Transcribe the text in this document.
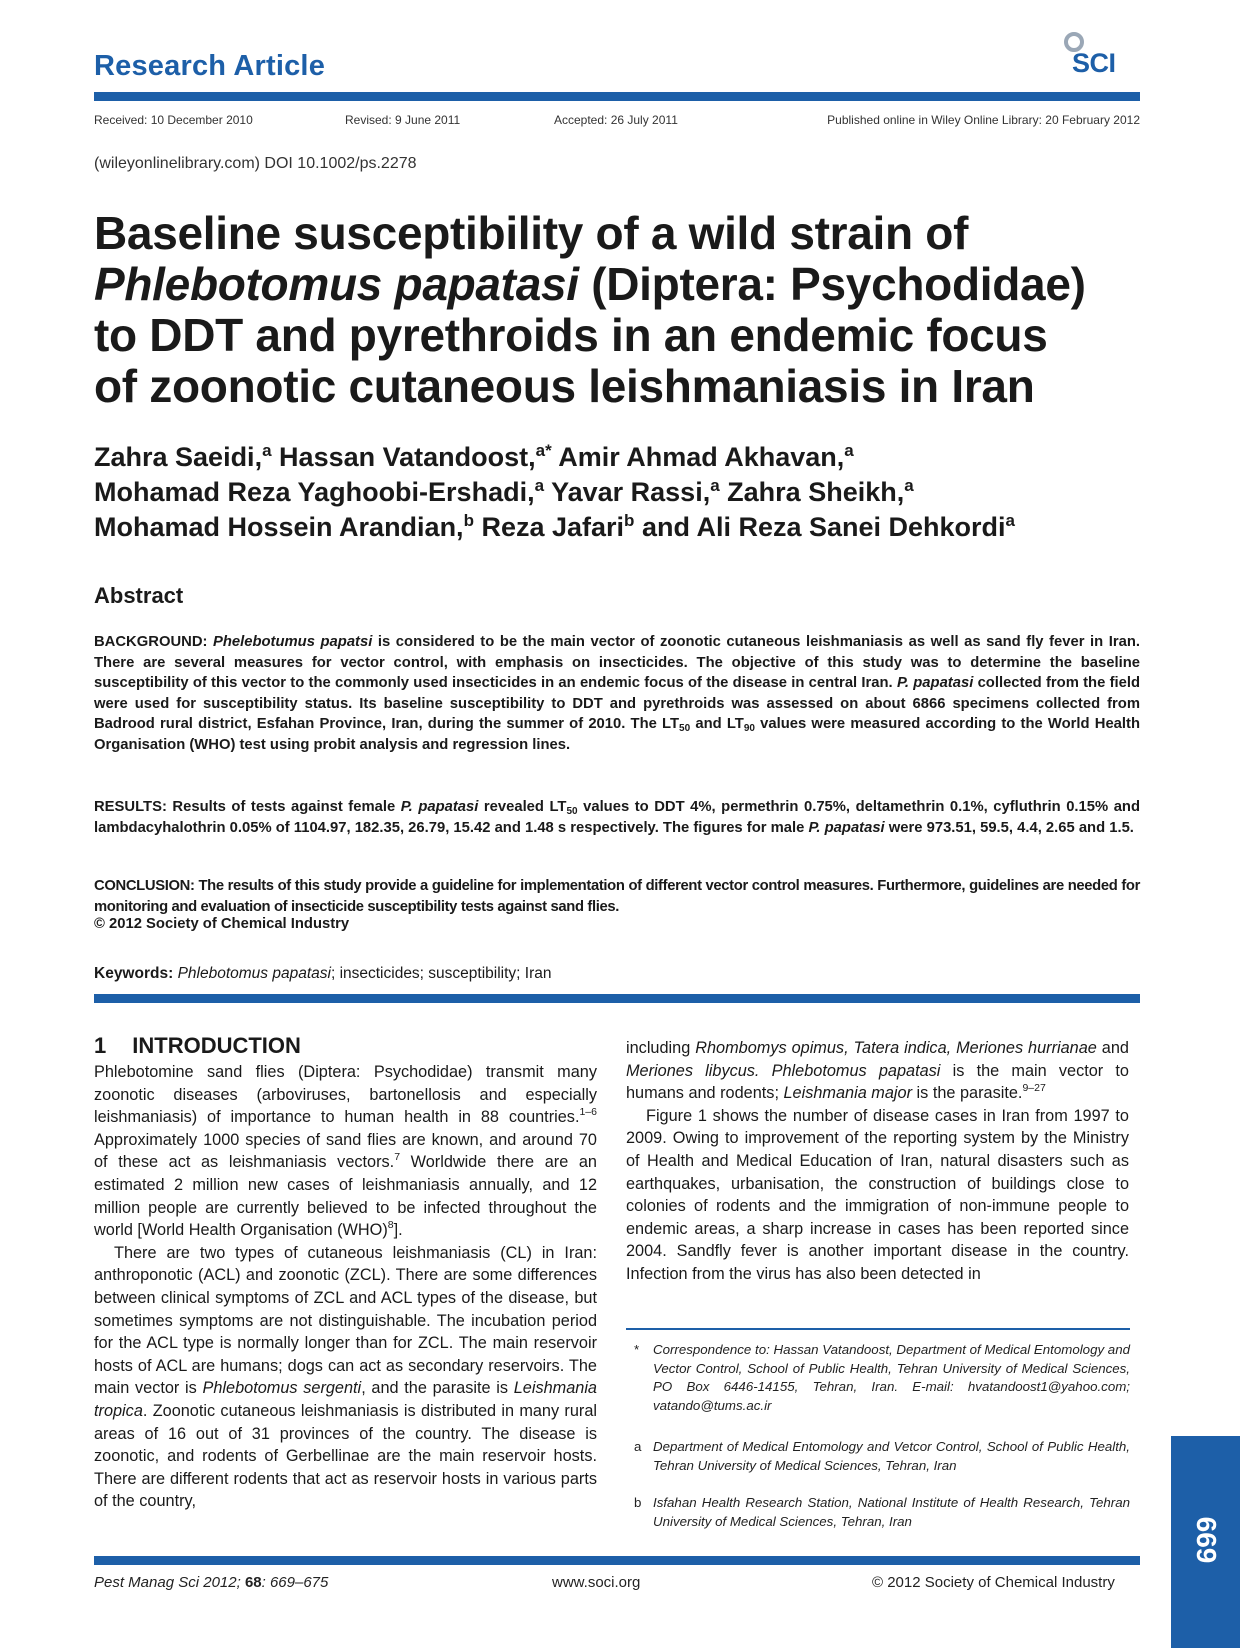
Research Article	SCI
Received: 10 December 2010	Revised: 9 June 2011	Accepted: 26 July 2011	Published online in Wiley Online Library: 20 February 2012
(wileyonlinelibrary.com) DOI 10.1002/ps.2278
Baseline susceptibility of a wild strain of
Phlebotomus papatasi (Diptera: Psychodidae)
to DDT and pyrethroids in an endemic focus
of zoonotic cutaneous leishmaniasis in Iran
Zahra Saeidi,$^a$ Hassan Vatandoost,$^{a*}$ Amir Ahmad Akhavan,$^a$
Mohamad Reza Yaghoobi-Ershadi,$^a$ Yavar Rassi,$^a$ Zahra Sheikh,$^a$
Mohamad Hossein Arandian,$^b$ Reza Jafari$^b$ and Ali Reza Sanei Dehkordi$^a$
Abstract
BACKGROUND: Phelebotumus papatsi is considered to be the main vector of zoonotic cutaneous leishmaniasis as well as sand fly fever in Iran. There are several measures for vector control, with emphasis on insecticides. The objective of this study was to determine the baseline susceptibility of this vector to the commonly used insecticides in an endemic focus of the disease in central Iran. P. papatasi collected from the field were used for susceptibility status. Its baseline susceptibility to DDT and pyrethroids was assessed on about 6866 specimens collected from Badrood rural district, Esfahan Province, Iran, during the summer of 2010. The $LT_{50}$ and $LT_{90}$ values were measured according to the World Health Organisation (WHO) test using probit analysis and regression lines.
RESULTS: Results of tests against female P. papatasi revealed $LT_{50}$ values to DDT 4%, permethrin 0.75%, deltamethrin 0.1%, cyfluthrin 0.15% and lambdacyhalothrin 0.05% of 1104.97, 182.35, 26.79, 15.42 and 1.48 s respectively. The figures for male P. papatasi were 973.51, 59.5, 4.4, 2.65 and 1.5.
CONCLUSION: The results of this study provide a guideline for implementation of different vector control measures. Furthermore, guidelines are needed for monitoring and evaluation of insecticide susceptibility tests against sand flies.
© 2012 Society of Chemical Industry
Keywords: Phlebotomus papatasi; insecticides; susceptibility; Iran
1 INTRODUCTION

Phlebotomine sand flies (Diptera: Psychodidae) transmit many zoonotic diseases (arboviruses, bartonellosis and especially leishmaniasis) of importance to human health in 88 countries.$^{1-6}$ Approximately 1000 species of sand flies are known, and around 70 of these act as leishmaniasis vectors.$^7$ Worldwide there are an estimated 2 million new cases of leishmaniasis annually, and 12 million people are currently believed to be infected throughout the world [World Health Organisation (WHO)$^8$].

There are two types of cutaneous leishmaniasis (CL) in Iran: anthroponotic (ACL) and zoonotic (ZCL). There are some differences between clinical symptoms of ZCL and ACL types of the disease, but sometimes symptoms are not distinguishable. The incubation period for the ACL type is normally longer than for ZCL. The main reservoir hosts of ACL are humans; dogs can act as secondary reservoirs. The main vector is Phlebotomus sergenti, and the parasite is Leishmania tropica. Zoonotic cutaneous leishmaniasis is distributed in many rural areas of 16 out of 31 provinces of the country. The disease is zoonotic, and rodents of Gerbellinae are the main reservoir hosts. There are different rodents that act as reservoir hosts in various parts of the country,

including Rhombomys opimus, Tatera indica, Meriones hurrianae and Meriones libycus. Phlebotomus papatasi is the main vector to humans and rodents; Leishmania major is the parasite.$^{9-27}$

Figure 1 shows the number of disease cases in Iran from 1997 to 2009. Owing to improvement of the reporting system by the Ministry of Health and Medical Education of Iran, natural disasters such as earthquakes, urbanisation, the construction of buildings close to colonies of rodents and the immigration of non-immune people to endemic areas, a sharp increase in cases has been reported since 2004. Sandfly fever is another important disease in the country. Infection from the virus has also been detected in

* Correspondence to: Hassan Vatandoost, Department of Medical Entomology and Vector Control, School of Public Health, Tehran University of Medical Sciences, PO Box 6446-14155, Tehran, Iran. E-mail: hvatandoost1@yahoo.com; vatando@tums.ac.ir
a Department of Medical Entomology and Vetcor Control, School of Public Health, Tehran University of Medical Sciences, Tehran, Iran
b Isfahan Health Research Station, National Institute of Health Research, Tehran University of Medical Sciences, Tehran, Iran	669
Pest Manag Sci 2012; 68: 669–675	www.soci.org	© 2012 Society of Chemical Industry
